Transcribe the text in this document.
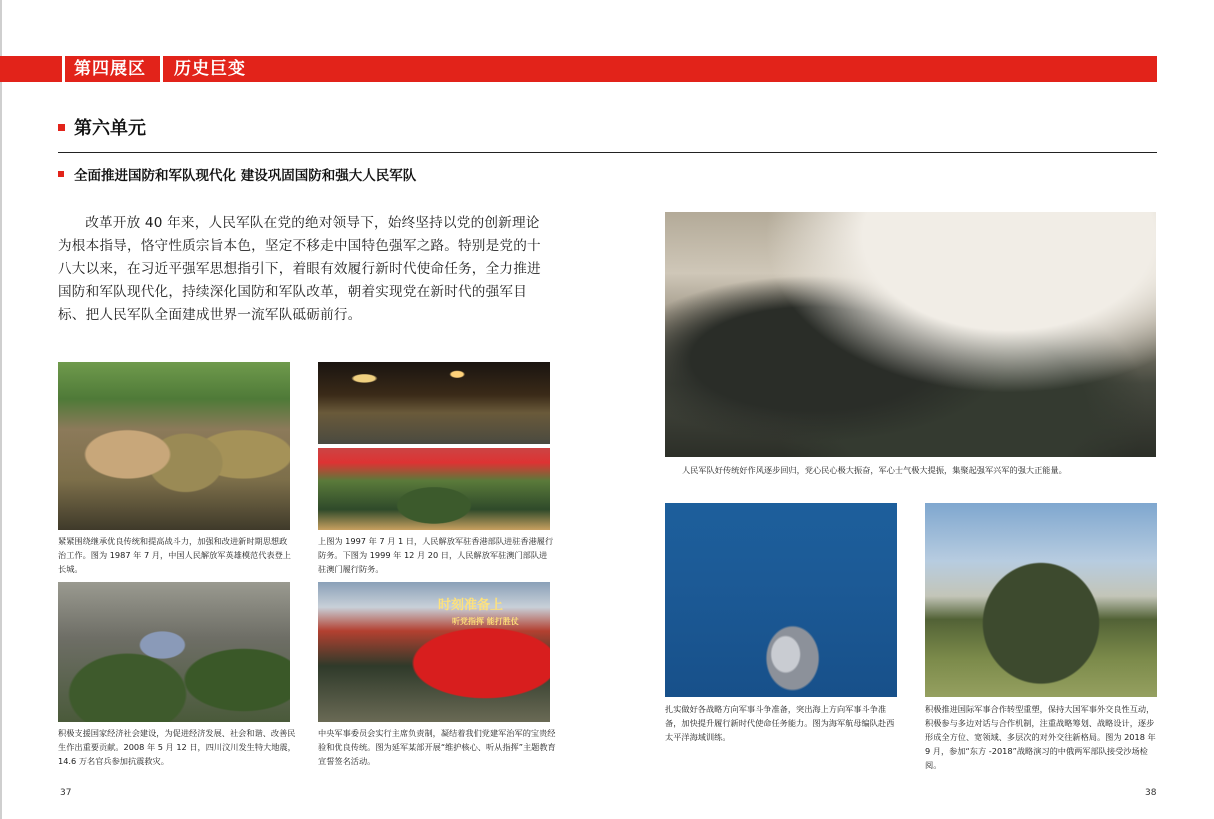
第四展区 历史巨变
第六单元
全面推进国防和军队现代化 建设巩固国防和强大人民军队
改革开放 40 年来，人民军队在党的绝对领导下，始终坚持以党的创新理论为根本指导，恪守性质宗旨本色，坚定不移走中国特色强军之路。特别是党的十八大以来，在习近平强军思想指引下，着眼有效履行新时代使命任务，全力推进国防和军队现代化，持续深化国防和军队改革，朝着实现党在新时代的强军目标、把人民军队全面建成世界一流军队砥砺前行。
紧紧围绕继承优良传统和提高战斗力，加强和改进新时期思想政治工作。图为 1987 年 7 月，中国人民解放军英雄模范代表登上长城。
上图为 1997 年 7 月 1 日，人民解放军驻香港部队进驻香港履行防务。下图为 1999 年 12 月 20 日，人民解放军驻澳门部队进驻澳门履行防务。
积极支援国家经济社会建设，为促进经济发展、社会和谐、改善民生作出重要贡献。2008 年 5 月 12 日，四川汶川发生特大地震，14.6 万名官兵参加抗震救灾。
时刻准备上
听党指挥 能打胜仗
中央军事委员会实行主席负责制，凝结着我们党建军治军的宝贵经验和优良传统。图为延军某部开展“维护核心、听从指挥”主题教育宣誓签名活动。
人民军队好传统好作风逐步回归，党心民心极大振奋，军心士气极大提振，集聚起强军兴军的强大正能量。
扎实做好各战略方向军事斗争准备，突出海上方向军事斗争准备，加快提升履行新时代使命任务能力。图为海军航母编队赴西太平洋海域训练。
积极推进国际军事合作转型重塑，保持大国军事外交良性互动，积极参与多边对话与合作机制，注重战略筹划、战略设计，逐步形成全方位、宽领域、多层次的对外交往新格局。图为 2018 年 9 月，参加“东方 -2018”战略演习的中俄两军部队接受沙场检阅。
37	38
